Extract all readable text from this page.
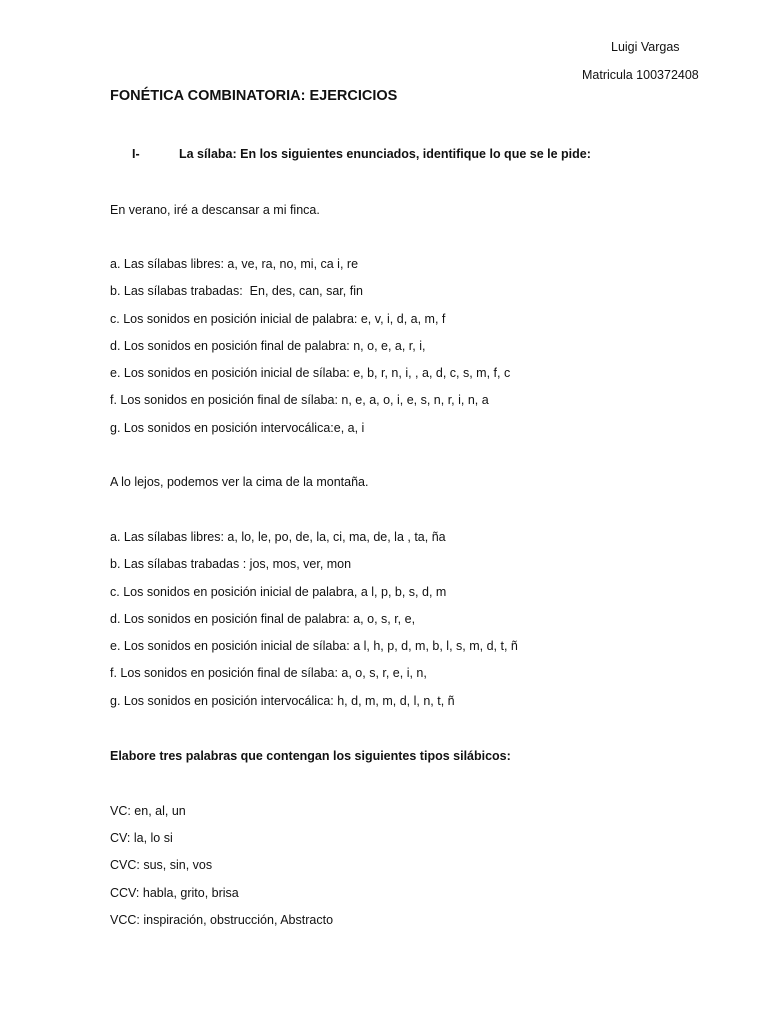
Luigi Vargas
Matricula 100372408
FONÉTICA COMBINATORIA: EJERCICIOS
I-	La sílaba: En los siguientes enunciados, identifique lo que se le pide:
En verano, iré a descansar a mi finca.
a. Las sílabas libres: a, ve, ra, no, mi, ca i, re
b. Las sílabas trabadas:  En, des, can, sar, fin
c. Los sonidos en posición inicial de palabra: e, v, i, d, a, m, f
d. Los sonidos en posición final de palabra: n, o, e, a, r, i,
e. Los sonidos en posición inicial de sílaba: e, b, r, n, i, , a, d, c, s, m, f, c
f. Los sonidos en posición final de sílaba: n, e, a, o, i, e, s, n, r, i, n, a
g. Los sonidos en posición intervocálica:e, a, i
A lo lejos, podemos ver la cima de la montaña.
a. Las sílabas libres: a, lo, le, po, de, la, ci, ma, de, la , ta, ña
b. Las sílabas trabadas : jos, mos, ver, mon
c. Los sonidos en posición inicial de palabra, a l, p, b, s, d, m
d. Los sonidos en posición final de palabra: a, o, s, r, e,
e. Los sonidos en posición inicial de sílaba: a l, h, p, d, m, b, l, s, m, d, t, ñ
f. Los sonidos en posición final de sílaba: a, o, s, r, e, i, n,
g. Los sonidos en posición intervocálica: h, d, m, m, d, l, n, t, ñ
Elabore tres palabras que contengan los siguientes tipos silábicos:
VC: en, al, un
CV: la, lo si
CVC: sus, sin, vos
CCV: habla, grito, brisa
VCC: inspiración, obstrucción, Abstracto
